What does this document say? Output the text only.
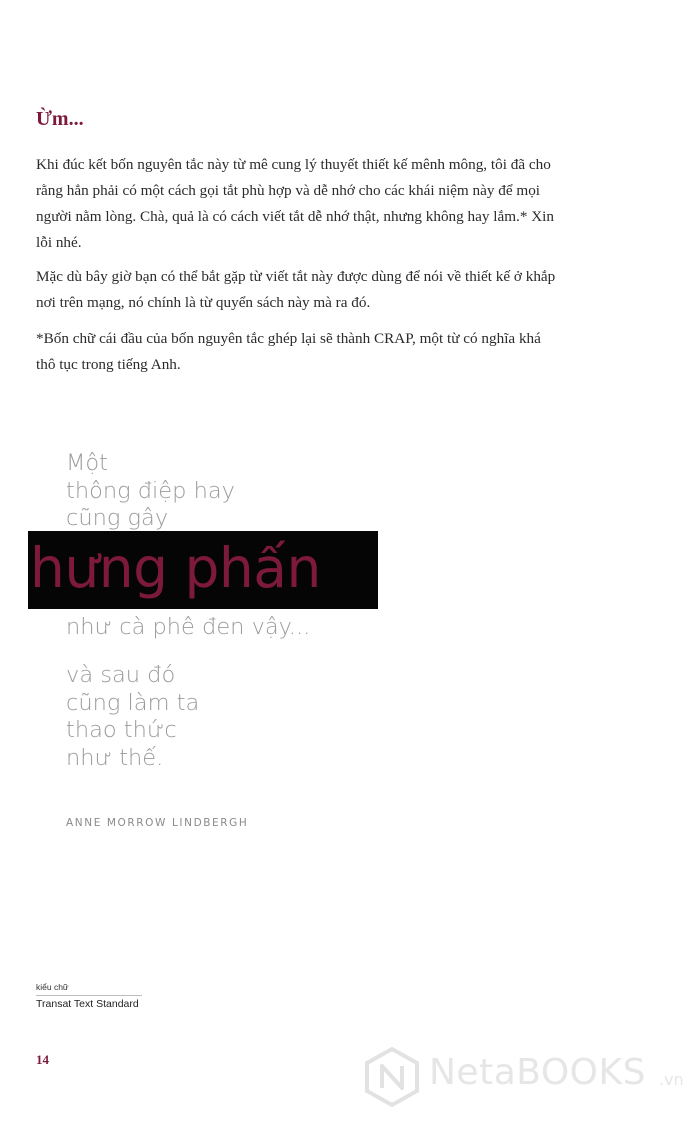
Ừm...
Khi đúc kết bốn nguyên tắc này từ mê cung lý thuyết thiết kế mênh mông, tôi đã cho rằng hẳn phải có một cách gọi tắt phù hợp và dễ nhớ cho các khái niệm này để mọi người nằm lòng. Chà, quả là có cách viết tắt dễ nhớ thật, nhưng không hay lắm.* Xin lỗi nhé.
Mặc dù bây giờ bạn có thể bắt gặp từ viết tắt này được dùng để nói về thiết kế ở khắp nơi trên mạng, nó chính là từ quyển sách này mà ra đó.
*Bốn chữ cái đầu của bốn nguyên tắc ghép lại sẽ thành CRAP, một từ có nghĩa khá thô tục trong tiếng Anh.
Một
thông điệp hay
cũng gây
hưng phấn
như cà phê đen vậy...
và sau đó
cũng làm ta
thao thức
như thế.
ANNE MORROW LINDBERGH
kiểu chữ
Transat Text Standard
14	NetaBOOKS .vn
